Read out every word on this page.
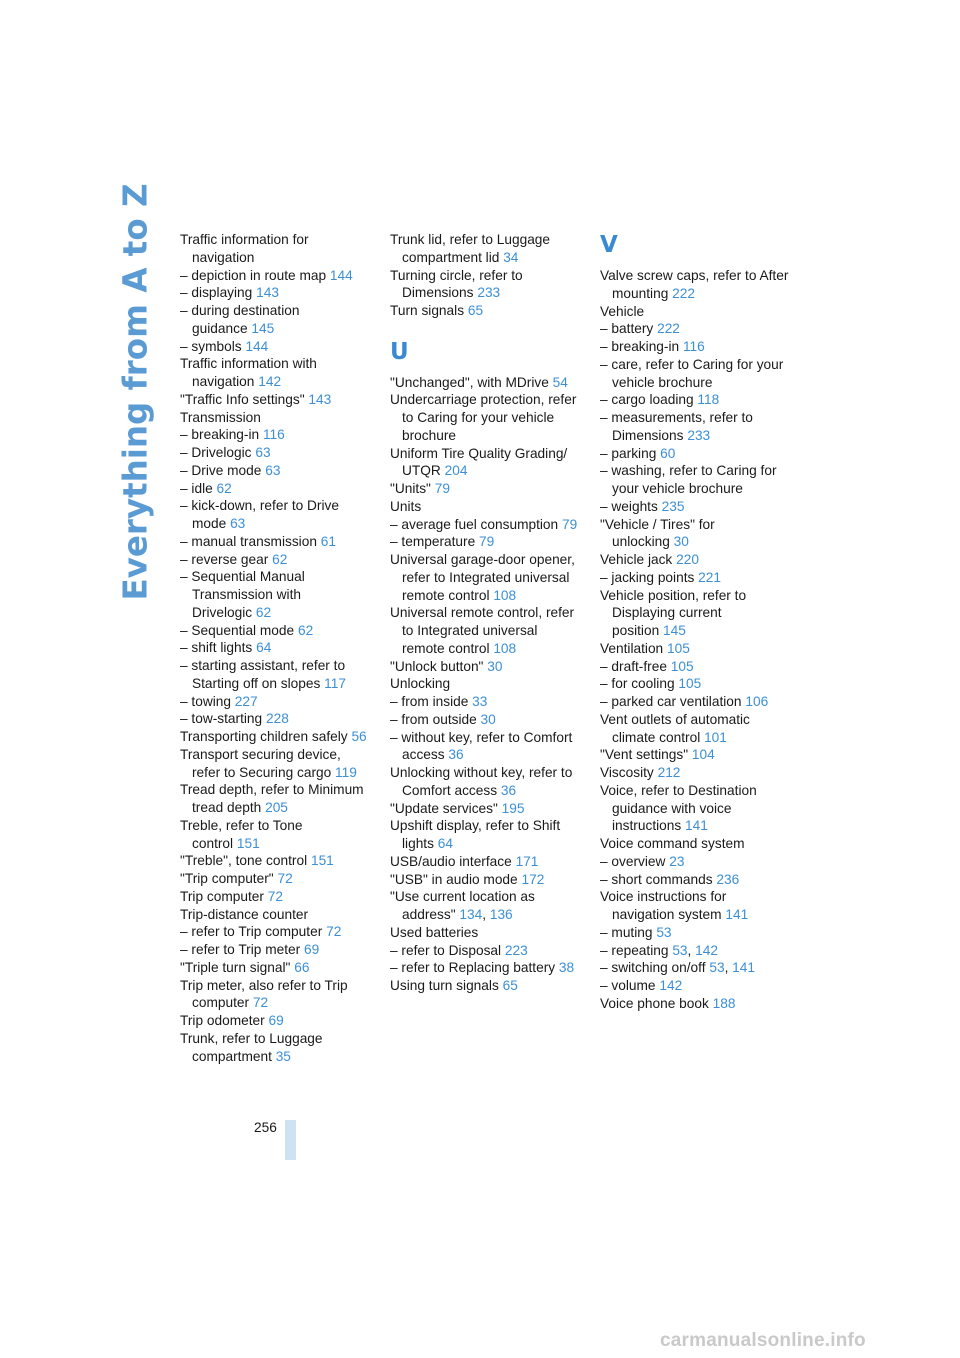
Everything from A to Z Traffic information for navigation
– depiction in route map 144
– displaying 143
– during destination guidance 145
– symbols 144
Traffic information with navigation 142
"Traffic Info settings" 143
Transmission
– breaking-in 116
– Drivelogic 63
– Drive mode 63
– idle 62
– kick-down, refer to Drive mode 63
– manual transmission 61
– reverse gear 62
– Sequential Manual Transmission with Drivelogic 62
– Sequential mode 62
– shift lights 64
– starting assistant, refer to Starting off on slopes 117
– towing 227
– tow-starting 228
Transporting children safely 56
Transport securing device, refer to Securing cargo 119
Tread depth, refer to Minimum tread depth 205
Treble, refer to Tone control 151
"Treble", tone control 151
"Trip computer" 72
Trip computer 72
Trip-distance counter
– refer to Trip computer 72
– refer to Trip meter 69
"Triple turn signal" 66
Trip meter, also refer to Trip computer 72
Trip odometer 69
Trunk, refer to Luggage compartment 35
Trunk lid, refer to Luggage compartment lid 34
Turning circle, refer to Dimensions 233
Turn signals 65
U
"Unchanged", with MDrive 54
Undercarriage protection, refer to Caring for your vehicle brochure
Uniform Tire Quality Grading/ UTQR 204
"Units" 79
Units
– average fuel consumption 79
– temperature 79
Universal garage-door opener, refer to Integrated universal remote control 108
Universal remote control, refer to Integrated universal remote control 108
"Unlock button" 30
Unlocking
– from inside 33
– from outside 30
– without key, refer to Comfort access 36
Unlocking without key, refer to Comfort access 36
"Update services" 195
Upshift display, refer to Shift lights 64
USB/audio interface 171
"USB" in audio mode 172
"Use current location as address" 134, 136
Used batteries
– refer to Disposal 223
– refer to Replacing battery 38
Using turn signals 65
V
Valve screw caps, refer to After mounting 222
Vehicle
– battery 222
– breaking-in 116
– care, refer to Caring for your vehicle brochure
– cargo loading 118
– measurements, refer to Dimensions 233
– parking 60
– washing, refer to Caring for your vehicle brochure
– weights 235
"Vehicle / Tires" for unlocking 30
Vehicle jack 220
– jacking points 221
Vehicle position, refer to Displaying current position 145
Ventilation 105
– draft-free 105
– for cooling 105
– parked car ventilation 106
Vent outlets of automatic climate control 101
"Vent settings" 104
Viscosity 212
Voice, refer to Destination guidance with voice instructions 141
Voice command system
– overview 23
– short commands 236
Voice instructions for navigation system 141
– muting 53
– repeating 53, 142
– switching on/off 53, 141
– volume 142
Voice phone book 188
256
carmanualsonline.info
